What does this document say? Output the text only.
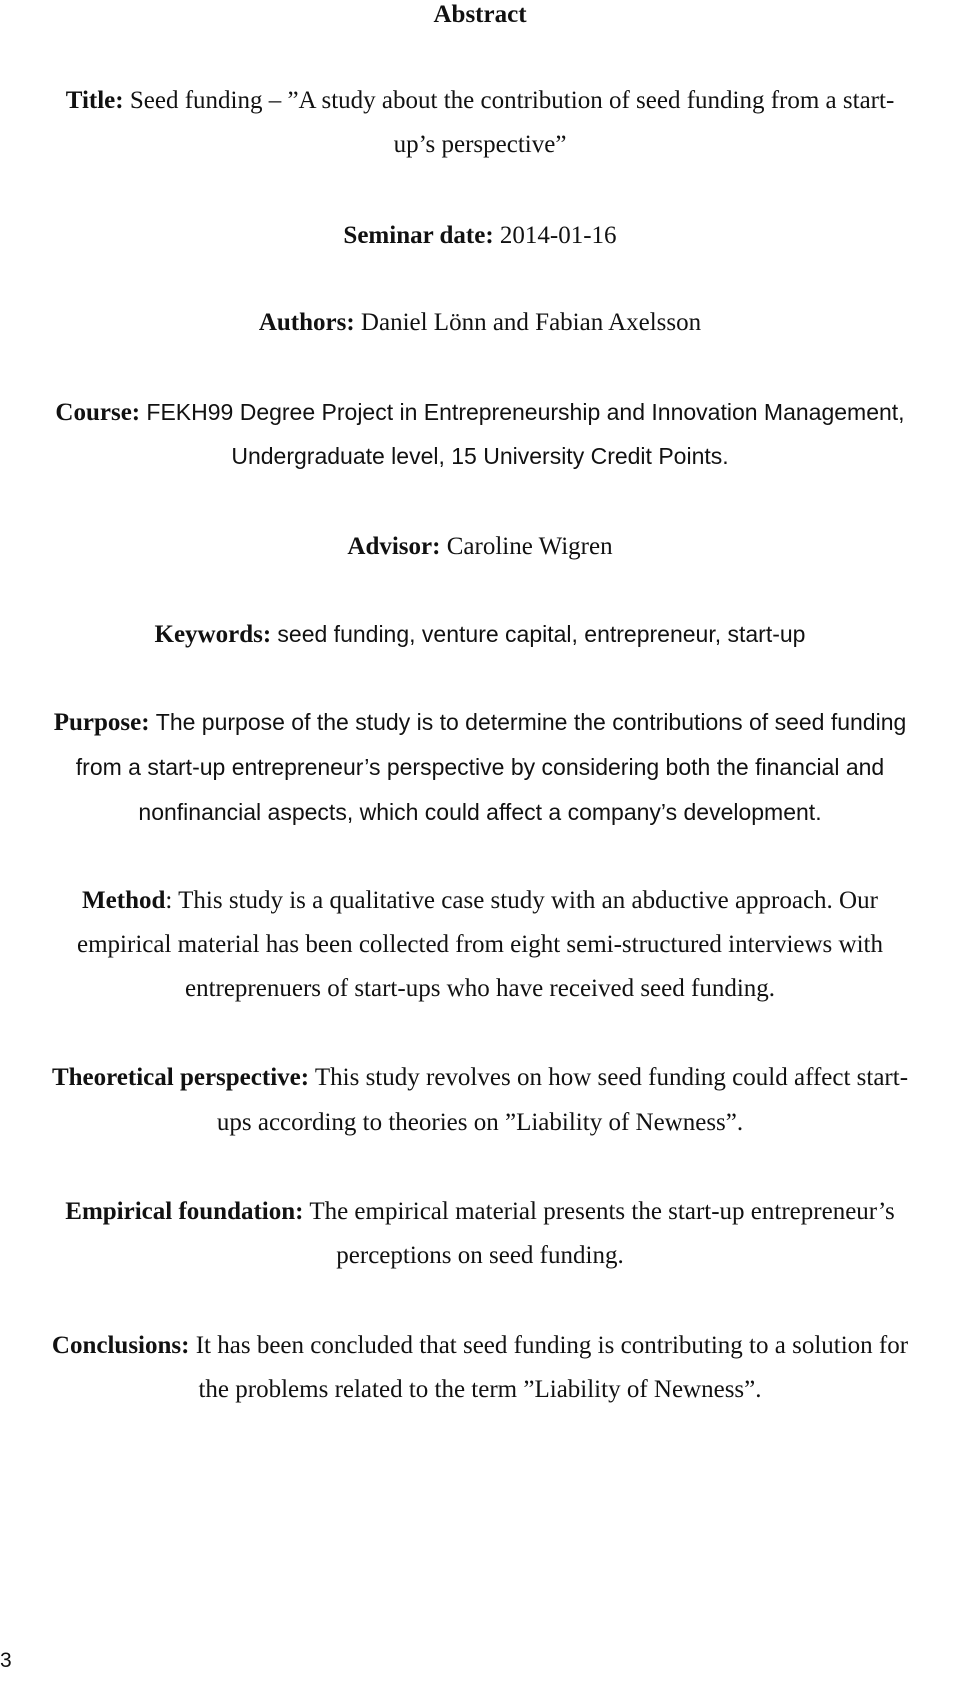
Abstract
Title: Seed funding – ”A study about the contribution of seed funding from a start-
up’s perspective”
Seminar date: 2014-01-16
Authors: Daniel Lönn and Fabian Axelsson
Course: FEKH99 Degree Project in Entrepreneurship and Innovation Management,
Undergraduate level, 15 University Credit Points.
Advisor: Caroline Wigren
Keywords: seed funding, venture capital, entrepreneur, start-up
Purpose: The purpose of the study is to determine the contributions of seed funding
from a start-up entrepreneur’s perspective by considering both the financial and
nonfinancial aspects, which could affect a company’s development.
Method: This study is a qualitative case study with an abductive approach. Our
empirical material has been collected from eight semi-structured interviews with
entreprenuers of start-ups who have received seed funding.
Theoretical perspective: This study revolves on how seed funding could affect start-
ups according to theories on ”Liability of Newness”.
Empirical foundation: The empirical material presents the start-up entrepreneur’s
perceptions on seed funding.
Conclusions: It has been concluded that seed funding is contributing to a solution for
the problems related to the term ”Liability of Newness”.
3
